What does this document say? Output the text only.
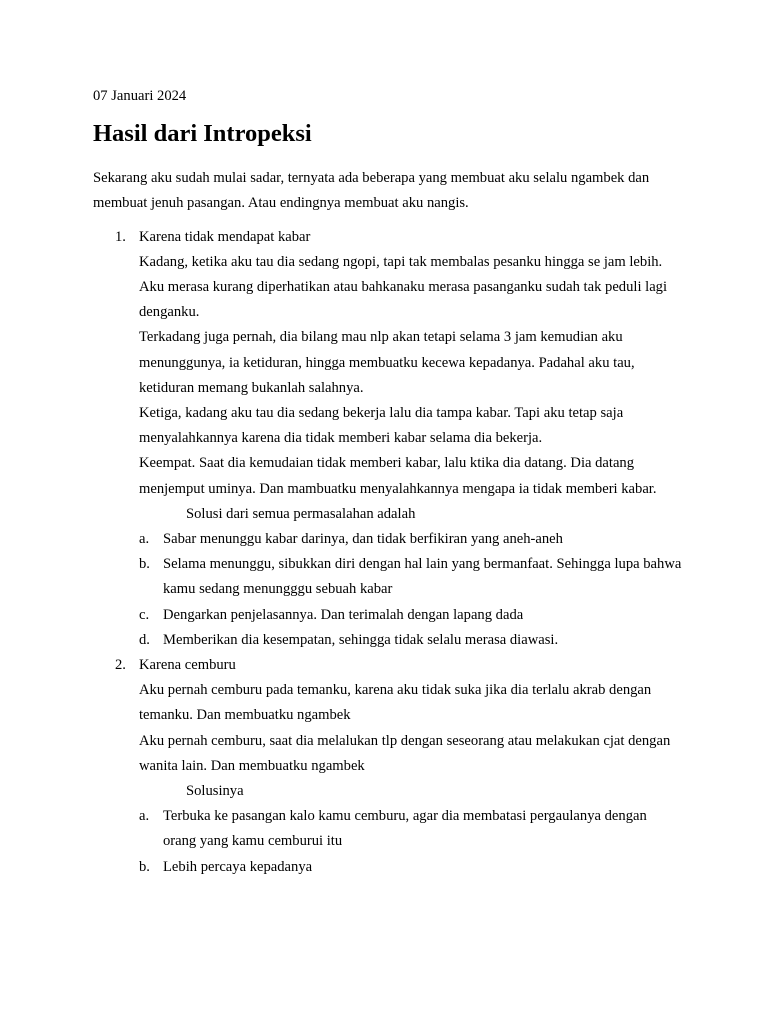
07 Januari 2024

Hasil dari Intropeksi

Sekarang aku sudah mulai sadar, ternyata ada beberapa yang membuat aku selalu ngambek dan membuat jenuh pasangan. Atau endingnya membuat aku nangis.

1. Karena tidak mendapat kabar

Kadang, ketika aku tau dia sedang ngopi, tapi tak membalas pesanku hingga se jam lebih. Aku merasa kurang diperhatikan atau bahkanaku merasa pasanganku sudah tak peduli lagi denganku.

Terkadang juga pernah, dia bilang mau nlp akan tetapi selama 3 jam kemudian aku menunggunya, ia ketiduran, hingga membuatku kecewa kepadanya. Padahal aku tau, ketiduran memang bukanlah salahnya.

Ketiga, kadang aku tau dia sedang bekerja lalu dia tampa kabar. Tapi aku tetap saja menyalahkannya karena dia tidak memberi kabar selama dia bekerja.

Keempat. Saat dia kemudaian tidak memberi kabar, lalu ktika dia datang. Dia datang menjemput uminya. Dan mambuatku menyalahkannya mengapa ia tidak memberi kabar.

Solusi dari semua permasalahan adalah

a. Sabar menunggu kabar darinya, dan tidak berfikiran yang aneh-aneh
b. Selama menunggu, sibukkan diri dengan hal lain yang bermanfaat. Sehingga lupa bahwa kamu sedang menungggu sebuah kabar
c. Dengarkan penjelasannya. Dan terimalah dengan lapang dada
d. Memberikan dia kesempatan, sehingga tidak selalu merasa diawasi.
2. Karena cemburu

Aku pernah cemburu pada temanku, karena aku tidak suka jika dia terlalu akrab dengan temanku. Dan membuatku ngambek

Aku pernah cemburu, saat dia melalukan tlp dengan seseorang atau melakukan cjat dengan wanita lain. Dan membuatku ngambek

Solusinya

a. Terbuka ke pasangan kalo kamu cemburu, agar dia membatasi pergaulanya dengan orang yang kamu cemburui itu
b. Lebih percaya kepadanya
